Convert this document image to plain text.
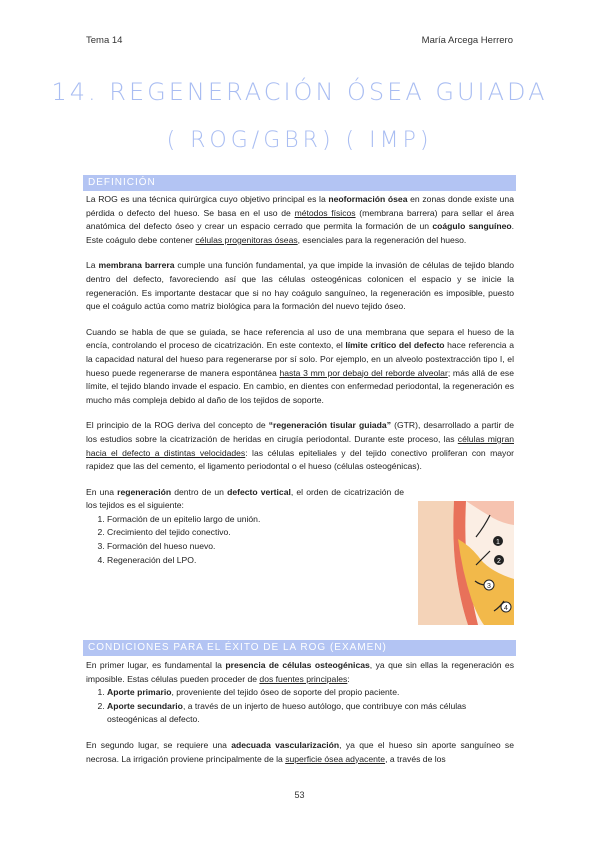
Tema 14	María Arcega Herrero
14. REGENERACIÓN ÓSEA GUIADA
( ROG/GBR) ( IMP)
DEFINICIÓN

La ROG es una técnica quirúrgica cuyo objetivo principal es la neoformación ósea en zonas donde existe una pérdida o defecto del hueso. Se basa en el uso de métodos físicos (membrana barrera) para sellar el área anatómica del defecto óseo y crear un espacio cerrado que permita la formación de un coágulo sanguíneo. Este coágulo debe contener células progenitoras óseas, esenciales para la regeneración del hueso.

La membrana barrera cumple una función fundamental, ya que impide la invasión de células de tejido blando dentro del defecto, favoreciendo así que las células osteogénicas colonicen el espacio y se inicie la regeneración. Es importante destacar que si no hay coágulo sanguíneo, la regeneración es imposible, puesto que el coágulo actúa como matriz biológica para la formación del nuevo tejido óseo.

Cuando se habla de que se guiada, se hace referencia al uso de una membrana que separa el hueso de la encía, controlando el proceso de cicatrización. En este contexto, el límite crítico del defecto hace referencia a la capacidad natural del hueso para regenerarse por sí solo. Por ejemplo, en un alveolo postextracción tipo I, el hueso puede regenerarse de manera espontánea hasta 3 mm por debajo del reborde alveolar; más allá de ese límite, el tejido blando invade el espacio. En cambio, en dientes con enfermedad periodontal, la regeneración es mucho más compleja debido al daño de los tejidos de soporte.

El principio de la ROG deriva del concepto de “regeneración tisular guiada” (GTR), desarrollado a partir de los estudios sobre la cicatrización de heridas en cirugía periodontal. Durante este proceso, las células migran hacia el defecto a distintas velocidades: las células epiteliales y del tejido conectivo proliferan con mayor rapidez que las del cemento, el ligamento periodontal o el hueso (células osteogénicas).

En una regeneración dentro de un defecto vertical, el orden de cicatrización de los tejidos es el siguiente:

1. Formación de un epitelio largo de unión.
2. Crecimiento del tejido conectivo.
3. Formación del hueso nuevo.
4. Regeneración del LPO.
1
2
3
4
CONDICIONES PARA EL ÉXITO DE LA ROG (EXAMEN)

En primer lugar, es fundamental la presencia de células osteogénicas, ya que sin ellas la regeneración es imposible. Estas células pueden proceder de dos fuentes principales:

1. Aporte primario, proveniente del tejido óseo de soporte del propio paciente.
2. Aporte secundario, a través de un injerto de hueso autólogo, que contribuye con más células osteogénicas al defecto.

En segundo lugar, se requiere una adecuada vascularización, ya que el hueso sin aporte sanguíneo se necrosa. La irrigación proviene principalmente de la superficie ósea adyacente, a través de los

53
